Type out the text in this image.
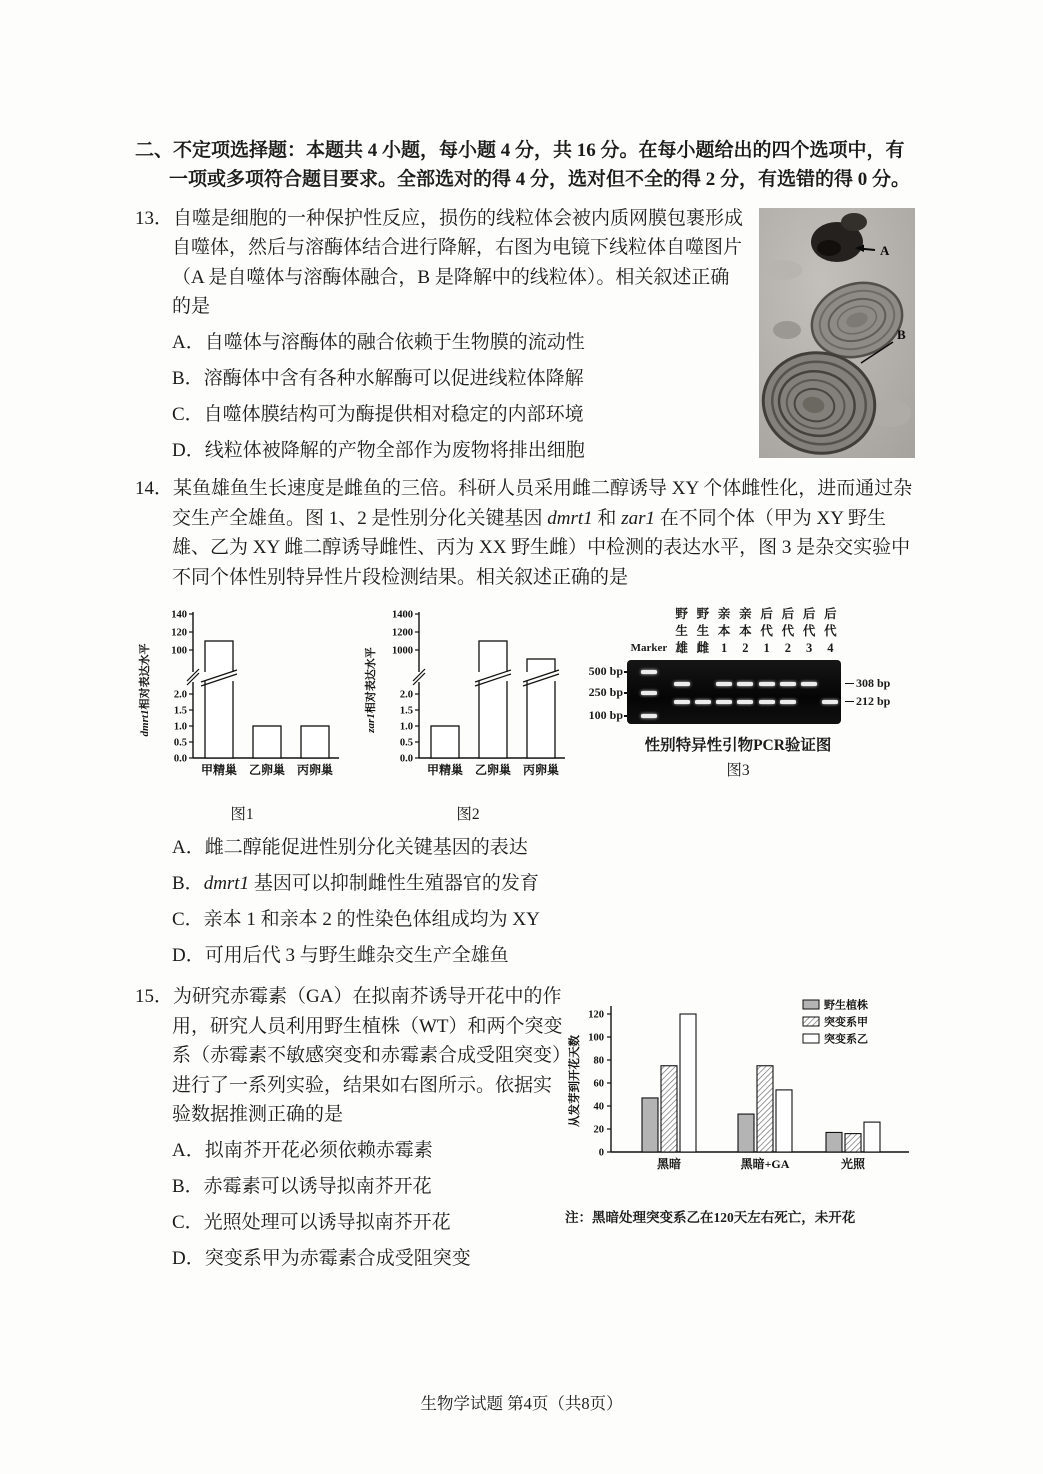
二、不定项选择题：本题共 4 小题，每小题 4 分，共 16 分。在每小题给出的四个选项中，有一项或多项符合题目要求。全部选对的得 4 分，选对但不全的得 2 分，有选错的得 0 分。
A
B
13．自噬是细胞的一种保护性反应，损伤的线粒体会被内质网膜包裹形成自噬体，然后与溶酶体结合进行降解，右图为电镜下线粒体自噬图片（A 是自噬体与溶酶体融合，B 是降解中的线粒体）。相关叙述正确的是
A．自噬体与溶酶体的融合依赖于生物膜的流动性
B．溶酶体中含有各种水解酶可以促进线粒体降解
C．自噬体膜结构可为酶提供相对稳定的内部环境
D．线粒体被降解的产物全部作为废物将排出细胞
14．某鱼雄鱼生长速度是雌鱼的三倍。科研人员采用雌二醇诱导 XY 个体雌性化，进而通过杂交生产全雄鱼。图 1、2 是性别分化关键基因 dmrt1 和 zar1 在不同个体（甲为 XY 野生雄、乙为 XY 雌二醇诱导雌性、丙为 XX 野生雌）中检测的表达水平，图 3 是杂交实验中不同个体性别特异性片段检测结果。相关叙述正确的是
0.0
0.5
1.0
1.5
2.0
100
120
140
甲精巢 乙卵巢 丙卵巢
dmrt1相对表达水平
图1
0.0
0.5
1.0
1.5
2.0
1000
1200
1400
甲精巢 乙卵巢 丙卵巢
zar1相对表达水平
图2
野 野 亲 亲 后 后 后 后
生 生 本 本 代 代 代 代
Marker 雄 雌 1	2	1	2	3	4
500 bp
250 bp
100 bp
308 bp
212 bp
性别特异性引物PCR验证图
图3
A．雌二醇能促进性别分化关键基因的表达
B．dmrt1 基因可以抑制雌性生殖器官的发育
C．亲本 1 和亲本 2 的性染色体组成均为 XY
D．可用后代 3 与野生雌杂交生产全雄鱼
15．为研究赤霉素（GA）在拟南芥诱导开花中的作用，研究人员利用野生植株（WT）和两个突变系（赤霉素不敏感突变和赤霉素合成受阻突变）进行了一系列实验，结果如右图所示。依据实验数据推测正确的是
A．拟南芥开花必须依赖赤霉素
B．赤霉素可以诱导拟南芥开花
C．光照处理可以诱导拟南芥开花
D．突变系甲为赤霉素合成受阻突变
0
20
40
60
80
100
120
黑暗	黑暗+GA	光照
野生植株
突变系甲
突变系乙
从发芽到开花天数
注：黑暗处理突变系乙在120天左右死亡，未开花
生物学试题 第4页（共8页）
